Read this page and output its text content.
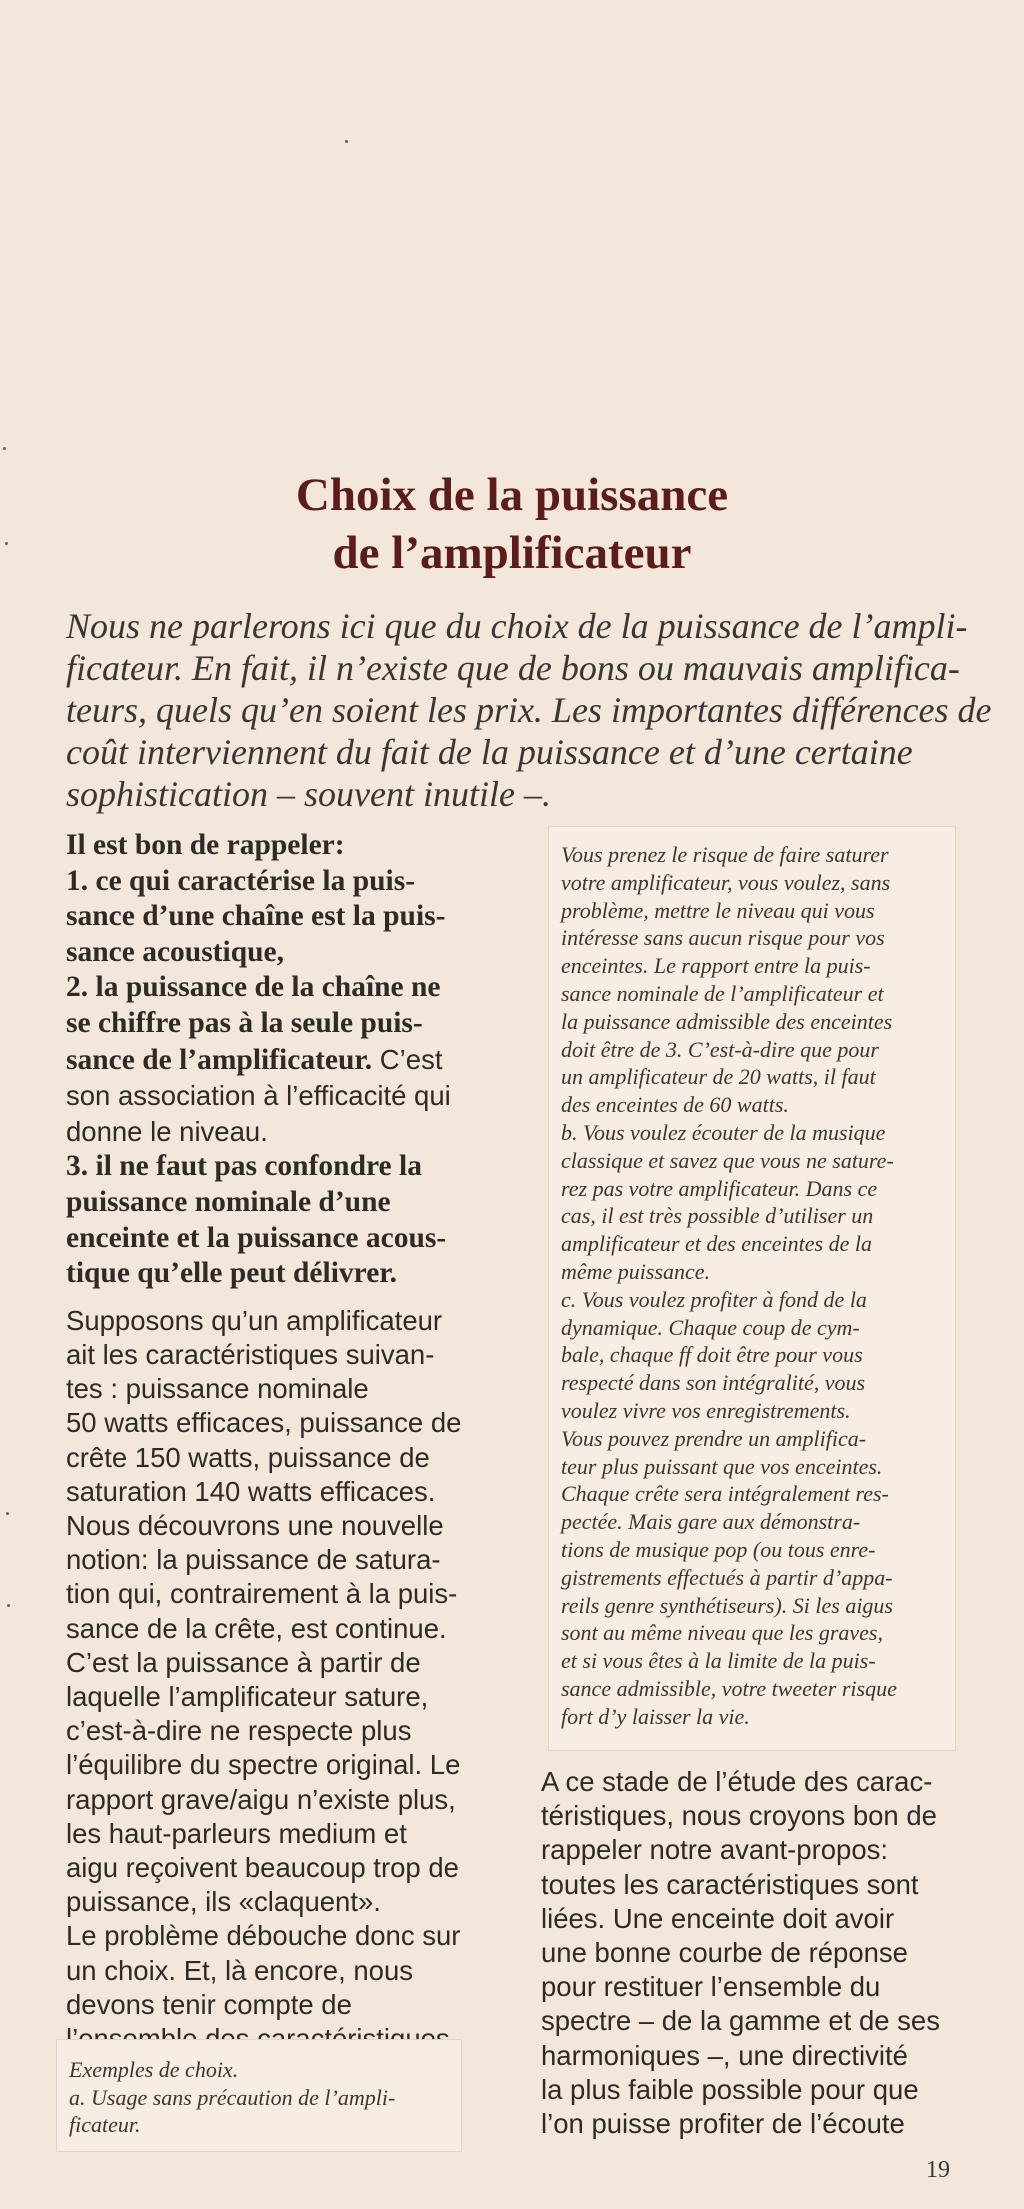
Choix de la puissance
de l’amplificateur
Nous ne parlerons ici que du choix de la puissance de l’ampli-
ficateur. En fait, il n’existe que de bons ou mauvais amplifica-
teurs, quels qu’en soient les prix. Les importantes différences de
coût interviennent du fait de la puissance et d’une certaine
sophistication – souvent inutile –.
Il est bon de rappeler:
1. ce qui caractérise la puis-
sance d’une chaîne est la puis-
sance acoustique,
2. la puissance de la chaîne ne
se chiffre pas à la seule puis-
sance de l’amplificateur. C’est
son association à l’efficacité qui
donne le niveau.
3. il ne faut pas confondre la
puissance nominale d’une
enceinte et la puissance acous-
tique qu’elle peut délivrer.
Supposons qu’un amplificateur
ait les caractéristiques suivan-
tes : puissance nominale
50 watts efficaces, puissance de
crête 150 watts, puissance de
saturation 140 watts efficaces.
Nous découvrons une nouvelle
notion: la puissance de satura-
tion qui, contrairement à la puis-
sance de la crête, est continue.
C’est la puissance à partir de
laquelle l’amplificateur sature,
c’est-à-dire ne respecte plus
l’équilibre du spectre original. Le
rapport grave/aigu n’existe plus,
les haut-parleurs medium et
aigu reçoivent beaucoup trop de
puissance, ils «claquent».
Le problème débouche donc sur
un choix. Et, là encore, nous
devons tenir compte de
Exemples de choix.
a. Usage sans précaution de l’ampli-
ficateur.
Vous prenez le risque de faire saturer
votre amplificateur, vous voulez, sans
problème, mettre le niveau qui vous
intéresse sans aucun risque pour vos
enceintes. Le rapport entre la puis-
sance nominale de l’amplificateur et
la puissance admissible des enceintes
doit être de 3. C’est-à-dire que pour
un amplificateur de 20 watts, il faut
des enceintes de 60 watts.
b. Vous voulez écouter de la musique
classique et savez que vous ne sature-
rez pas votre amplificateur. Dans ce
cas, il est très possible d’utiliser un
amplificateur et des enceintes de la
même puissance.
c. Vous voulez profiter à fond de la
dynamique. Chaque coup de cym-
bale, chaque ff doit être pour vous
respecté dans son intégralité, vous
voulez vivre vos enregistrements.
Vous pouvez prendre un amplifica-
teur plus puissant que vos enceintes.
Chaque crête sera intégralement res-
pectée. Mais gare aux démonstra-
tions de musique pop (ou tous enre-
gistrements effectués à partir d’appa-
reils genre synthétiseurs). Si les aigus
sont au même niveau que les graves,
et si vous êtes à la limite de la puis-
sance admissible, votre tweeter risque
fort d’y laisser la vie.
A ce stade de l’étude des carac-
téristiques, nous croyons bon de
rappeler notre avant-propos:
toutes les caractéristiques sont
liées. Une enceinte doit avoir
une bonne courbe de réponse
pour restituer l’ensemble du
spectre – de la gamme et de ses
harmoniques –, une directivité
la plus faible possible pour que
l’on puisse profiter de l’écoute
19
